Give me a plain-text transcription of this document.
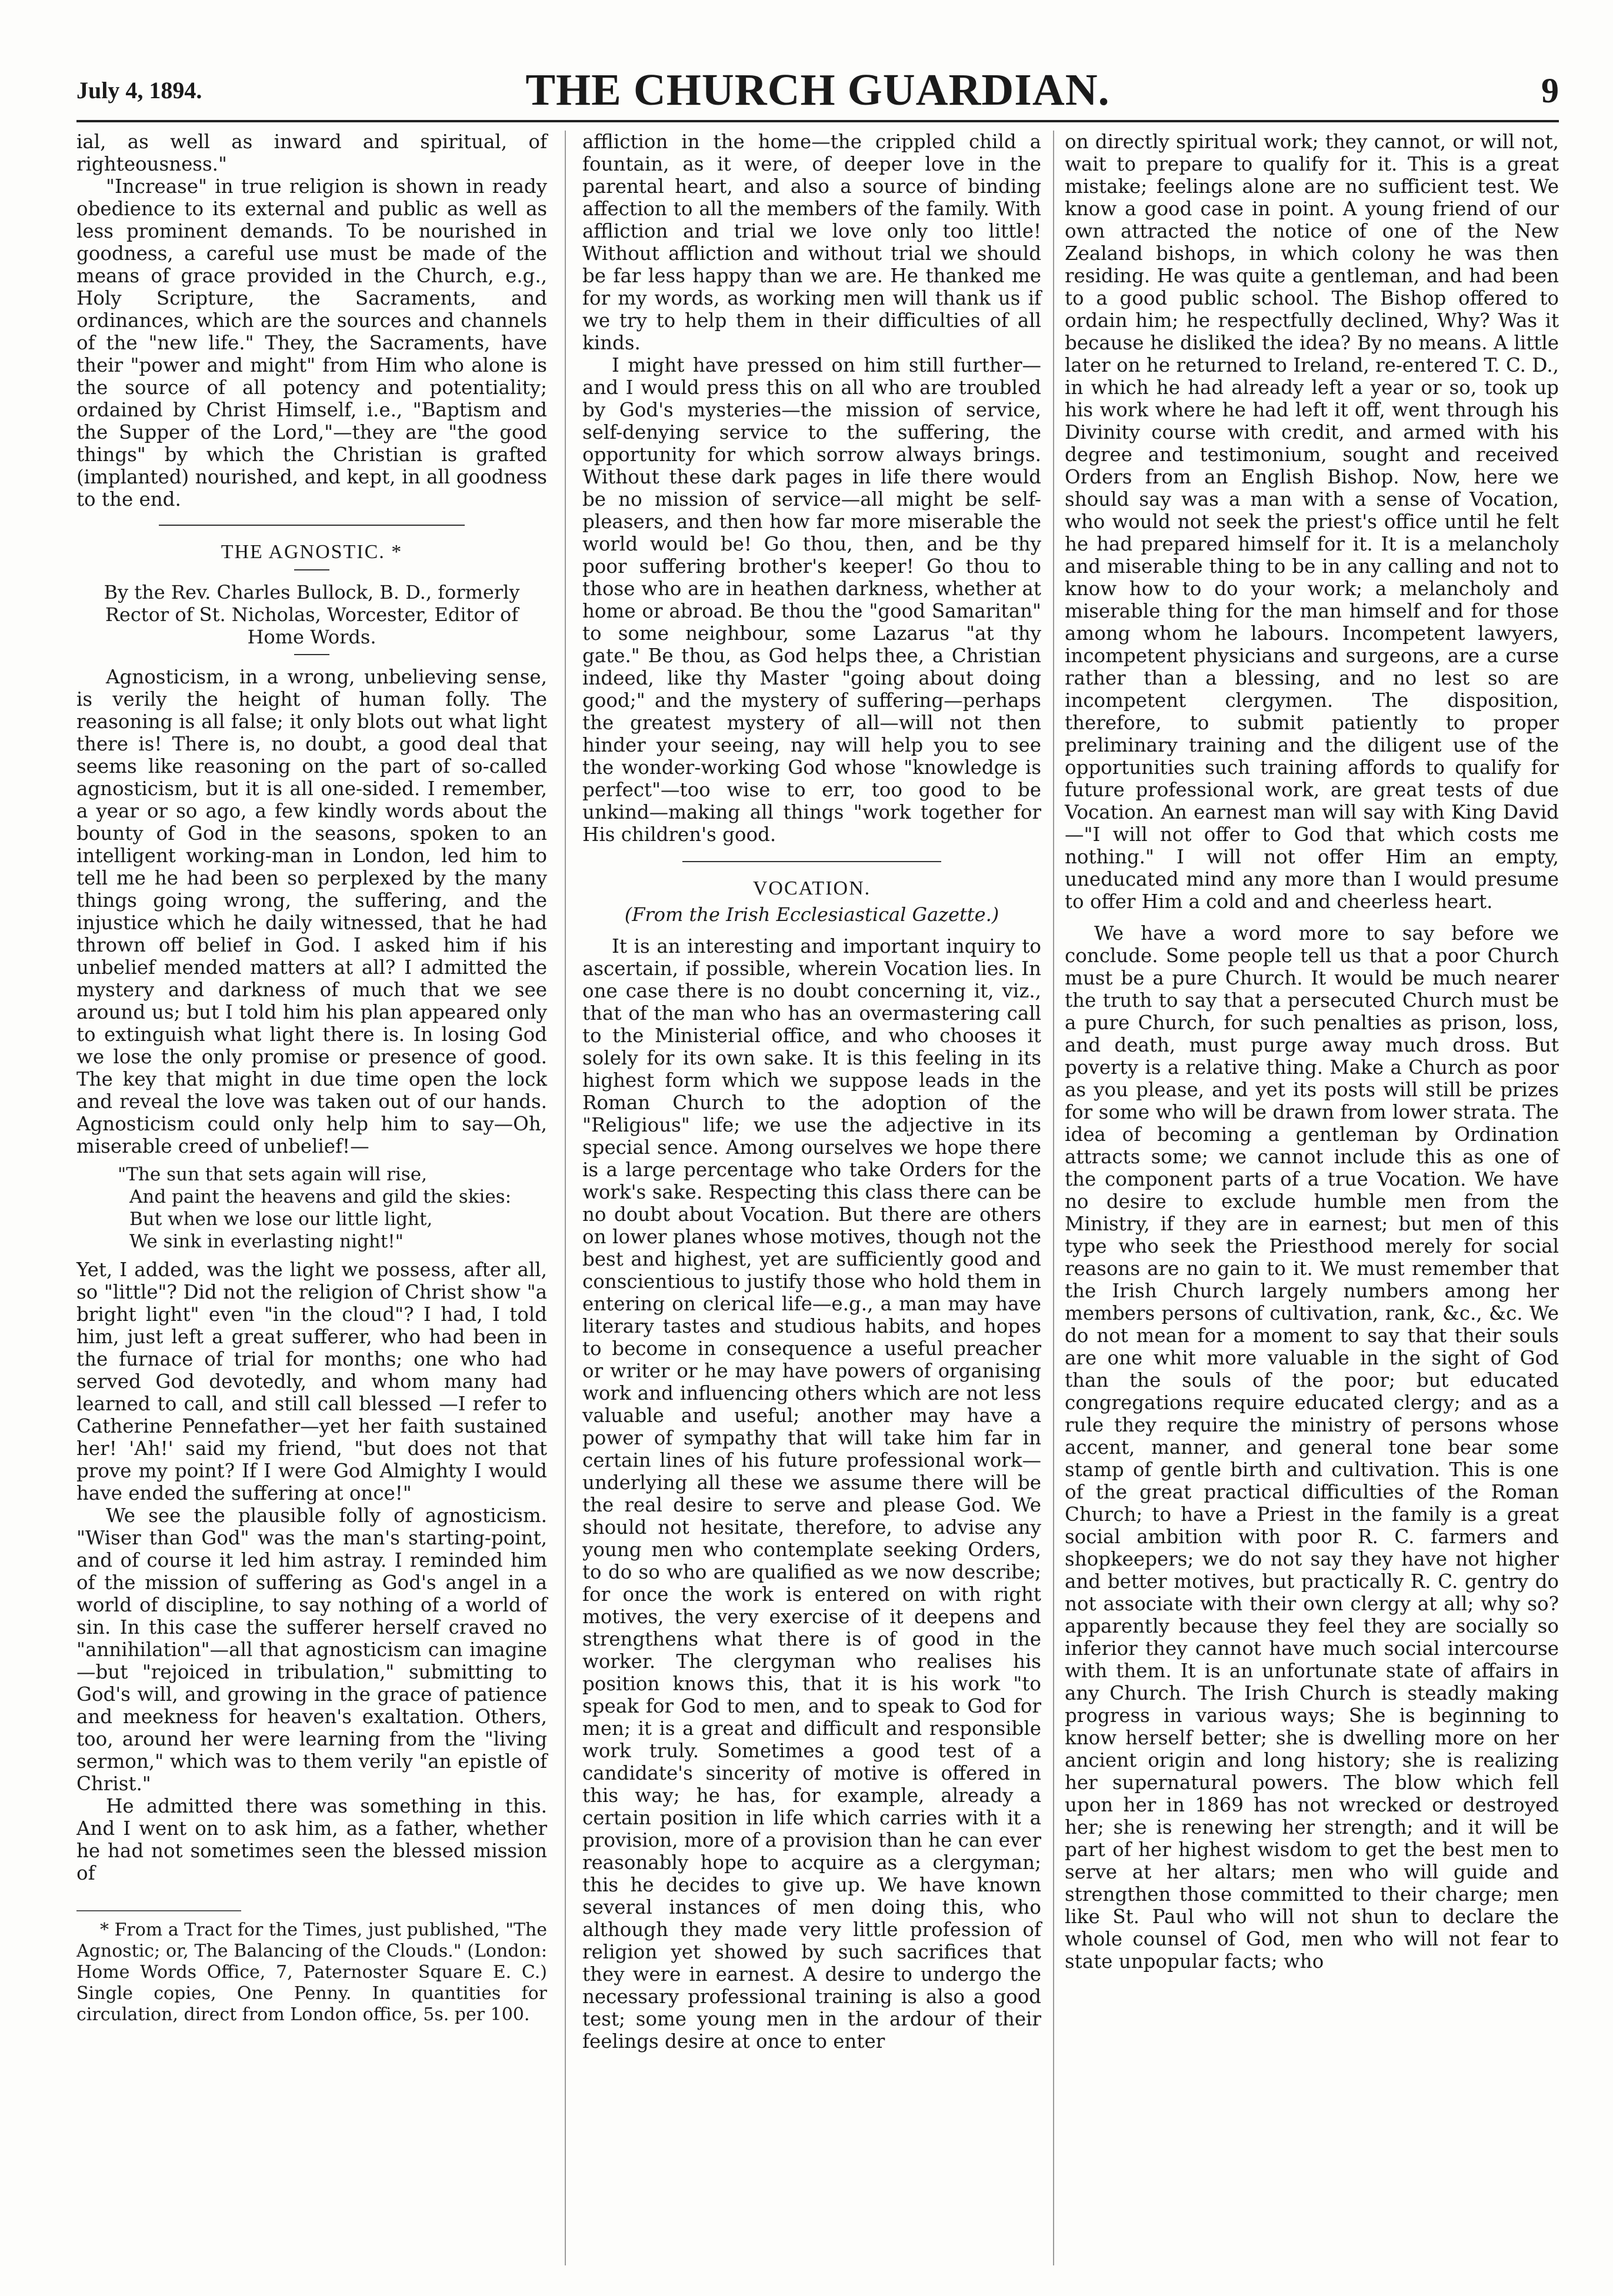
July 4, 1894.	THE CHURCH GUARDIAN.	9

ial, as well as inward and spiritual, of righteousness."

"Increase" in true religion is shown in ready obedience to its external and public as well as less prominent demands. To be nourished in goodness, a careful use must be made of the means of grace provided in the Church, e.g., Holy Scripture, the Sacraments, and ordinances, which are the sources and channels of the "new life." They, the Sacraments, have their "power and might" from Him who alone is the source of all potency and potentiality; ordained by Christ Himself, i.e., "Baptism and the Supper of the Lord,"—they are "the good things" by which the Christian is grafted (implanted) nourished, and kept, in all goodness to the end.

THE AGNOSTIC. *
By the Rev. Charles Bullock, B. D., formerly Rector of St. Nicholas, Worcester, Editor of Home Words.

Agnosticism, in a wrong, unbelieving sense, is verily the height of human folly. The reasoning is all false; it only blots out what light there is! There is, no doubt, a good deal that seems like reasoning on the part of so-called agnosticism, but it is all one-sided. I remember, a year or so ago, a few kindly words about the bounty of God in the seasons, spoken to an intelligent working-man in London, led him to tell me he had been so perplexed by the many things going wrong, the suffering, and the injustice which he daily witnessed, that he had thrown off belief in God. I asked him if his unbelief mended matters at all? I admitted the mystery and darkness of much that we see around us; but I told him his plan appeared only to extinguish what light there is. In losing God we lose the only promise or presence of good. The key that might in due time open the lock and reveal the love was taken out of our hands. Agnosticism could only help him to say—Oh, miserable creed of unbelief!—

"The sun that sets again will rise,
And paint the heavens and gild the skies:
But when we lose our little light,
We sink in everlasting night!"

Yet, I added, was the light we possess, after all, so "little"? Did not the religion of Christ show "a bright light" even "in the cloud"? I had, I told him, just left a great sufferer, who had been in the furnace of trial for months; one who had served God devotedly, and whom many had learned to call, and still call blessed —I refer to Catherine Pennefather—yet her faith sustained her! 'Ah!' said my friend, "but does not that prove my point? If I were God Almighty I would have ended the suffering at once!"

We see the plausible folly of agnosticism. "Wiser than God" was the man's starting-point, and of course it led him astray. I reminded him of the mission of suffering as God's angel in a world of discipline, to say nothing of a world of sin. In this case the sufferer herself craved no "annihilation"—all that agnosticism can imagine—but "rejoiced in tribulation," submitting to God's will, and growing in the grace of patience and meekness for heaven's exaltation. Others, too, around her were learning from the "living sermon," which was to them verily "an epistle of Christ."

He admitted there was something in this. And I went on to ask him, as a father, whether he had not sometimes seen the blessed mission of

* From a Tract for the Times, just published, "The Agnostic; or, The Balancing of the Clouds." (London: Home Words Office, 7, Paternoster Square E. C.) Single copies, One Penny. In quantities for circulation, direct from London office, 5s. per 100.

affliction in the home—the crippled child a fountain, as it were, of deeper love in the parental heart, and also a source of binding affection to all the members of the family. With affliction and trial we love only too little! Without affliction and without trial we should be far less happy than we are. He thanked me for my words, as working men will thank us if we try to help them in their difficulties of all kinds.

I might have pressed on him still further—and I would press this on all who are troubled by God's mysteries—the mission of service, self-denying service to the suffering, the opportunity for which sorrow always brings. Without these dark pages in life there would be no mission of service—all might be self-pleasers, and then how far more miserable the world would be! Go thou, then, and be thy poor suffering brother's keeper! Go thou to those who are in heathen darkness, whether at home or abroad. Be thou the "good Samaritan" to some neighbour, some Lazarus "at thy gate." Be thou, as God helps thee, a Christian indeed, like thy Master "going about doing good;" and the mystery of suffering—perhaps the greatest mystery of all—will not then hinder your seeing, nay will help you to see the wonder-working God whose "knowledge is perfect"—too wise to err, too good to be unkind—making all things "work together for His children's good.

VOCATION.
(From the Irish Ecclesiastical Gazette.)

It is an interesting and important inquiry to ascertain, if possible, wherein Vocation lies. In one case there is no doubt concerning it, viz., that of the man who has an overmastering call to the Ministerial office, and who chooses it solely for its own sake. It is this feeling in its highest form which we suppose leads in the Roman Church to the adoption of the "Religious" life; we use the adjective in its special sence. Among ourselves we hope there is a large percentage who take Orders for the work's sake. Respecting this class there can be no doubt about Vocation. But there are others on lower planes whose motives, though not the best and highest, yet are sufficiently good and conscientious to justify those who hold them in entering on clerical life—e.g., a man may have literary tastes and studious habits, and hopes to become in consequence a useful preacher or writer or he may have powers of organising work and influencing others which are not less valuable and useful; another may have a power of sympathy that will take him far in certain lines of his future professional work—underlying all these we assume there will be the real desire to serve and please God. We should not hesitate, therefore, to advise any young men who contemplate seeking Orders, to do so who are qualified as we now describe; for once the work is entered on with right motives, the very exercise of it deepens and strengthens what there is of good in the worker. The clergyman who realises his position knows this, that it is his work "to speak for God to men, and to speak to God for men; it is a great and difficult and responsible work truly. Sometimes a good test of a candidate's sincerity of motive is offered in this way; he has, for example, already a certain position in life which carries with it a provision, more of a provision than he can ever reasonably hope to acquire as a clergyman; this he decides to give up. We have known several instances of men doing this, who although they made very little profession of religion yet showed by such sacrifices that they were in earnest. A desire to undergo the necessary professional training is also a good test; some young men in the ardour of their feelings desire at once to enter

on directly spiritual work; they cannot, or will not, wait to prepare to qualify for it. This is a great mistake; feelings alone are no sufficient test. We know a good case in point. A young friend of our own attracted the notice of one of the New Zealand bishops, in which colony he was then residing. He was quite a gentleman, and had been to a good public school. The Bishop offered to ordain him; he respectfully declined, Why? Was it because he disliked the idea? By no means. A little later on he returned to Ireland, re-entered T. C. D., in which he had already left a year or so, took up his work where he had left it off, went through his Divinity course with credit, and armed with his degree and testimonium, sought and received Orders from an English Bishop. Now, here we should say was a man with a sense of Vocation, who would not seek the priest's office until he felt he had prepared himself for it. It is a melancholy and miserable thing to be in any calling and not to know how to do your work; a melancholy and miserable thing for the man himself and for those among whom he labours. Incompetent lawyers, incompetent physicians and surgeons, are a curse rather than a blessing, and no lest so are incompetent clergymen. The disposition, therefore, to submit patiently to proper preliminary training and the diligent use of the opportunities such training affords to qualify for future professional work, are great tests of due Vocation. An earnest man will say with King David—"I will not offer to God that which costs me nothing." I will not offer Him an empty, uneducated mind any more than I would presume to offer Him a cold and and cheerless heart.

We have a word more to say before we conclude. Some people tell us that a poor Church must be a pure Church. It would be much nearer the truth to say that a persecuted Church must be a pure Church, for such penalties as prison, loss, and death, must purge away much dross. But poverty is a relative thing. Make a Church as poor as you please, and yet its posts will still be prizes for some who will be drawn from lower strata. The idea of becoming a gentleman by Ordination attracts some; we cannot include this as one of the component parts of a true Vocation. We have no desire to exclude humble men from the Ministry, if they are in earnest; but men of this type who seek the Priesthood merely for social reasons are no gain to it. We must remember that the Irish Church largely numbers among her members persons of cultivation, rank, &c., &c. We do not mean for a moment to say that their souls are one whit more valuable in the sight of God than the souls of the poor; but educated congregations require educated clergy; and as a rule they require the ministry of persons whose accent, manner, and general tone bear some stamp of gentle birth and cultivation. This is one of the great practical difficulties of the Roman Church; to have a Priest in the family is a great social ambition with poor R. C. farmers and shopkeepers; we do not say they have not higher and better motives, but practically R. C. gentry do not associate with their own clergy at all; why so? apparently because they feel they are socially so inferior they cannot have much social intercourse with them. It is an unfortunate state of affairs in any Church. The Irish Church is steadly making progress in various ways; She is beginning to know herself better; she is dwelling more on her ancient origin and long history; she is realizing her supernatural powers. The blow which fell upon her in 1869 has not wrecked or destroyed her; she is renewing her strength; and it will be part of her highest wisdom to get the best men to serve at her altars; men who will guide and strengthen those committed to their charge; men like St. Paul who will not shun to declare the whole counsel of God, men who will not fear to state unpopular facts; who
